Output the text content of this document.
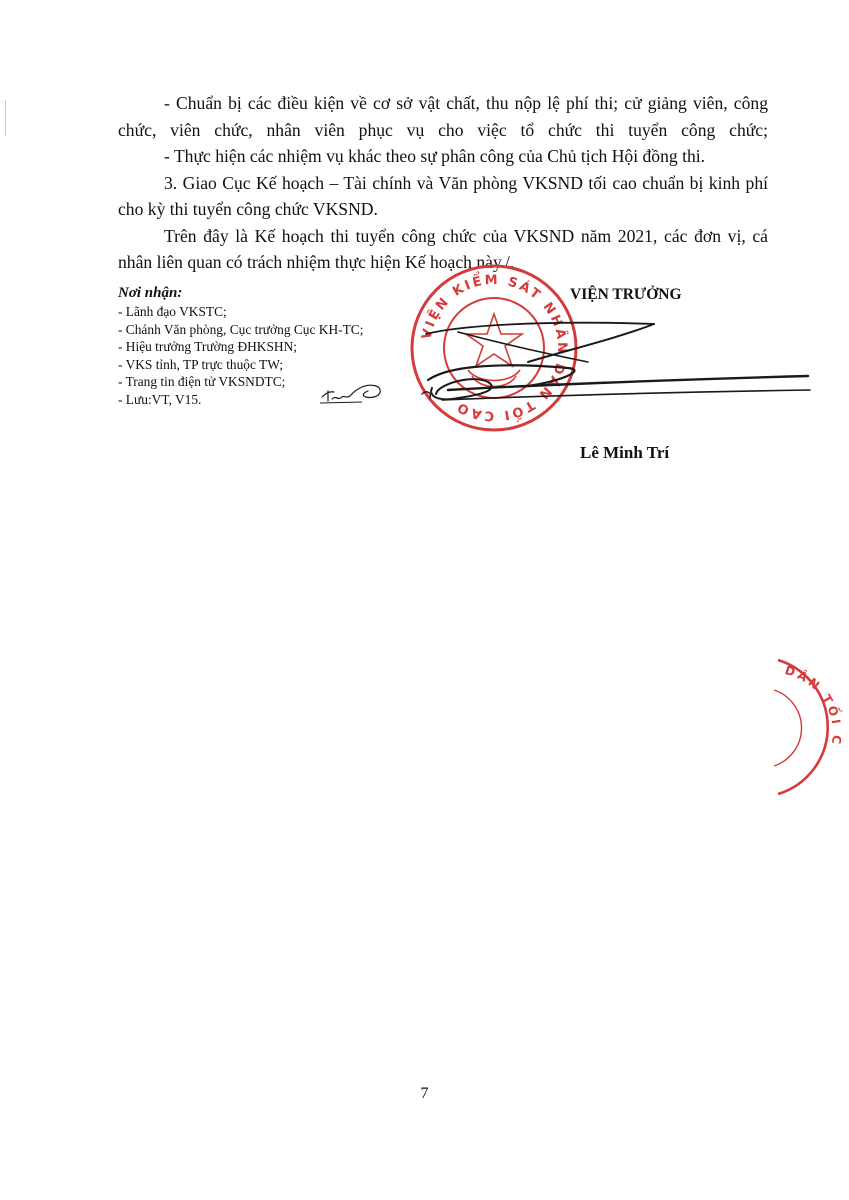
- Chuẩn bị các điều kiện về cơ sở vật chất, thu nộp lệ phí thi; cử giảng viên, công chức, viên chức, nhân viên phục vụ cho việc tổ chức thi tuyển công chức;

- Thực hiện các nhiệm vụ khác theo sự phân công của Chủ tịch Hội đồng thi.

3. Giao Cục Kế hoạch – Tài chính và Văn phòng VKSND tối cao chuẩn bị kinh phí cho kỳ thi tuyển công chức VKSND.

Trên đây là Kế hoạch thi tuyển công chức của VKSND năm 2021, các đơn vị, cá nhân liên quan có trách nhiệm thực hiện Kế hoạch này./.

Nơi nhận:
- Lãnh đạo VKSTC;
- Chánh Văn phòng, Cục trưởng Cục KH-TC;
- Hiệu trưởng Trường ĐHKSHN;
- VKS tỉnh, TP trực thuộc TW;
- Trang tin điện tử VKSNDTC;
- Lưu:VT, V15.
VIỆN KIỂM SÁT NHÂN DÂN TỐI CAO
VIỆN TRƯỞNG
Lê Minh Trí
DÂN TỐI C
7
